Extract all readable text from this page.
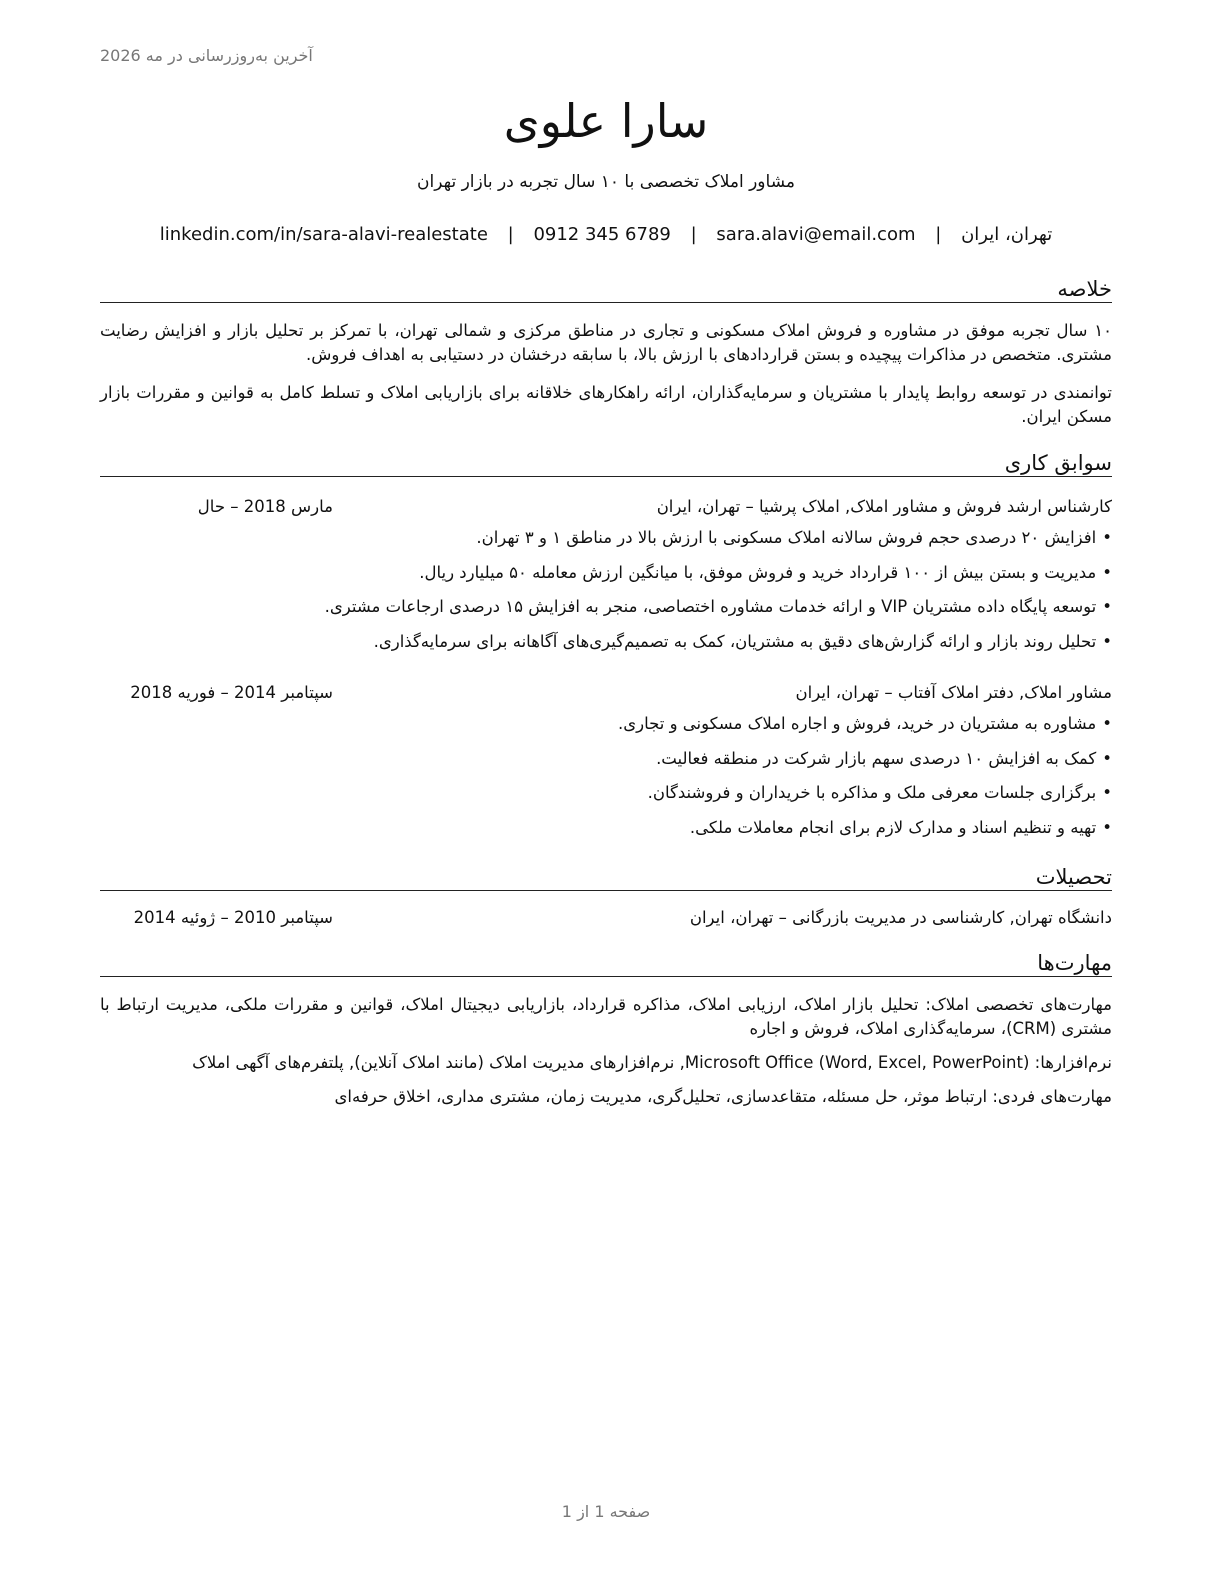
آخرین به‌روزرسانی در مه 2026
سارا علوی
مشاور املاک تخصصی با ۱۰ سال تجربه در بازار تهران
تهران، ایران | sara.alavi@email.com | 0912 345 6789 | linkedin.com/in/sara-alavi-realestate
خلاصه

۱۰ سال تجربه موفق در مشاوره و فروش املاک مسکونی و تجاری در مناطق مرکزی و شمالی تهران، با تمرکز بر تحلیل بازار و افزایش رضایت مشتری. متخصص در مذاکرات پیچیده و بستن قراردادهای با ارزش بالا، با سابقه درخشان در دستیابی به اهداف فروش.

توانمندی در توسعه روابط پایدار با مشتریان و سرمایه‌گذاران، ارائه راهکارهای خلاقانه برای بازاریابی املاک و تسلط کامل به قوانین و مقررات بازار مسکن ایران.

سوابق کاری
کارشناس ارشد فروش و مشاور املاک, املاک پرشیا – تهران، ایران
مارس 2018 – حال
•افزایش ۲۰ درصدی حجم فروش سالانه املاک مسکونی با ارزش بالا در مناطق ۱ و ۳ تهران.
•مدیریت و بستن بیش از ۱۰۰ قرارداد خرید و فروش موفق، با میانگین ارزش معامله ۵۰ میلیارد ریال.
•توسعه پایگاه داده مشتریان VIP و ارائه خدمات مشاوره اختصاصی، منجر به افزایش ۱۵ درصدی ارجاعات مشتری.
•تحلیل روند بازار و ارائه گزارش‌های دقیق به مشتریان، کمک به تصمیم‌گیری‌های آگاهانه برای سرمایه‌گذاری.
مشاور املاک, دفتر املاک آفتاب – تهران، ایران
سپتامبر 2014 – فوریه 2018
•مشاوره به مشتریان در خرید، فروش و اجاره املاک مسکونی و تجاری.
•کمک به افزایش ۱۰ درصدی سهم بازار شرکت در منطقه فعالیت.
•برگزاری جلسات معرفی ملک و مذاکره با خریداران و فروشندگان.
•تهیه و تنظیم اسناد و مدارک لازم برای انجام معاملات ملکی.
تحصیلات
دانشگاه تهران, کارشناسی در مدیریت بازرگانی – تهران، ایران
سپتامبر 2010 – ژوئیه 2014
مهارت‌ها

مهارت‌های تخصصی املاک: تحلیل بازار املاک، ارزیابی املاک، مذاکره قرارداد، بازاریابی دیجیتال املاک، قوانین و مقررات ملکی، مدیریت ارتباط با مشتری (CRM)، سرمایه‌گذاری املاک، فروش و اجاره

نرم‌افزارها: Microsoft Office (Word, Excel, PowerPoint), نرم‌افزارهای مدیریت املاک (مانند املاک آنلاین), پلتفرم‌های آگهی املاک

مهارت‌های فردی: ارتباط موثر، حل مسئله، متقاعدسازی، تحلیل‌گری، مدیریت زمان، مشتری مداری، اخلاق حرفه‌ای

صفحه 1 از 1
